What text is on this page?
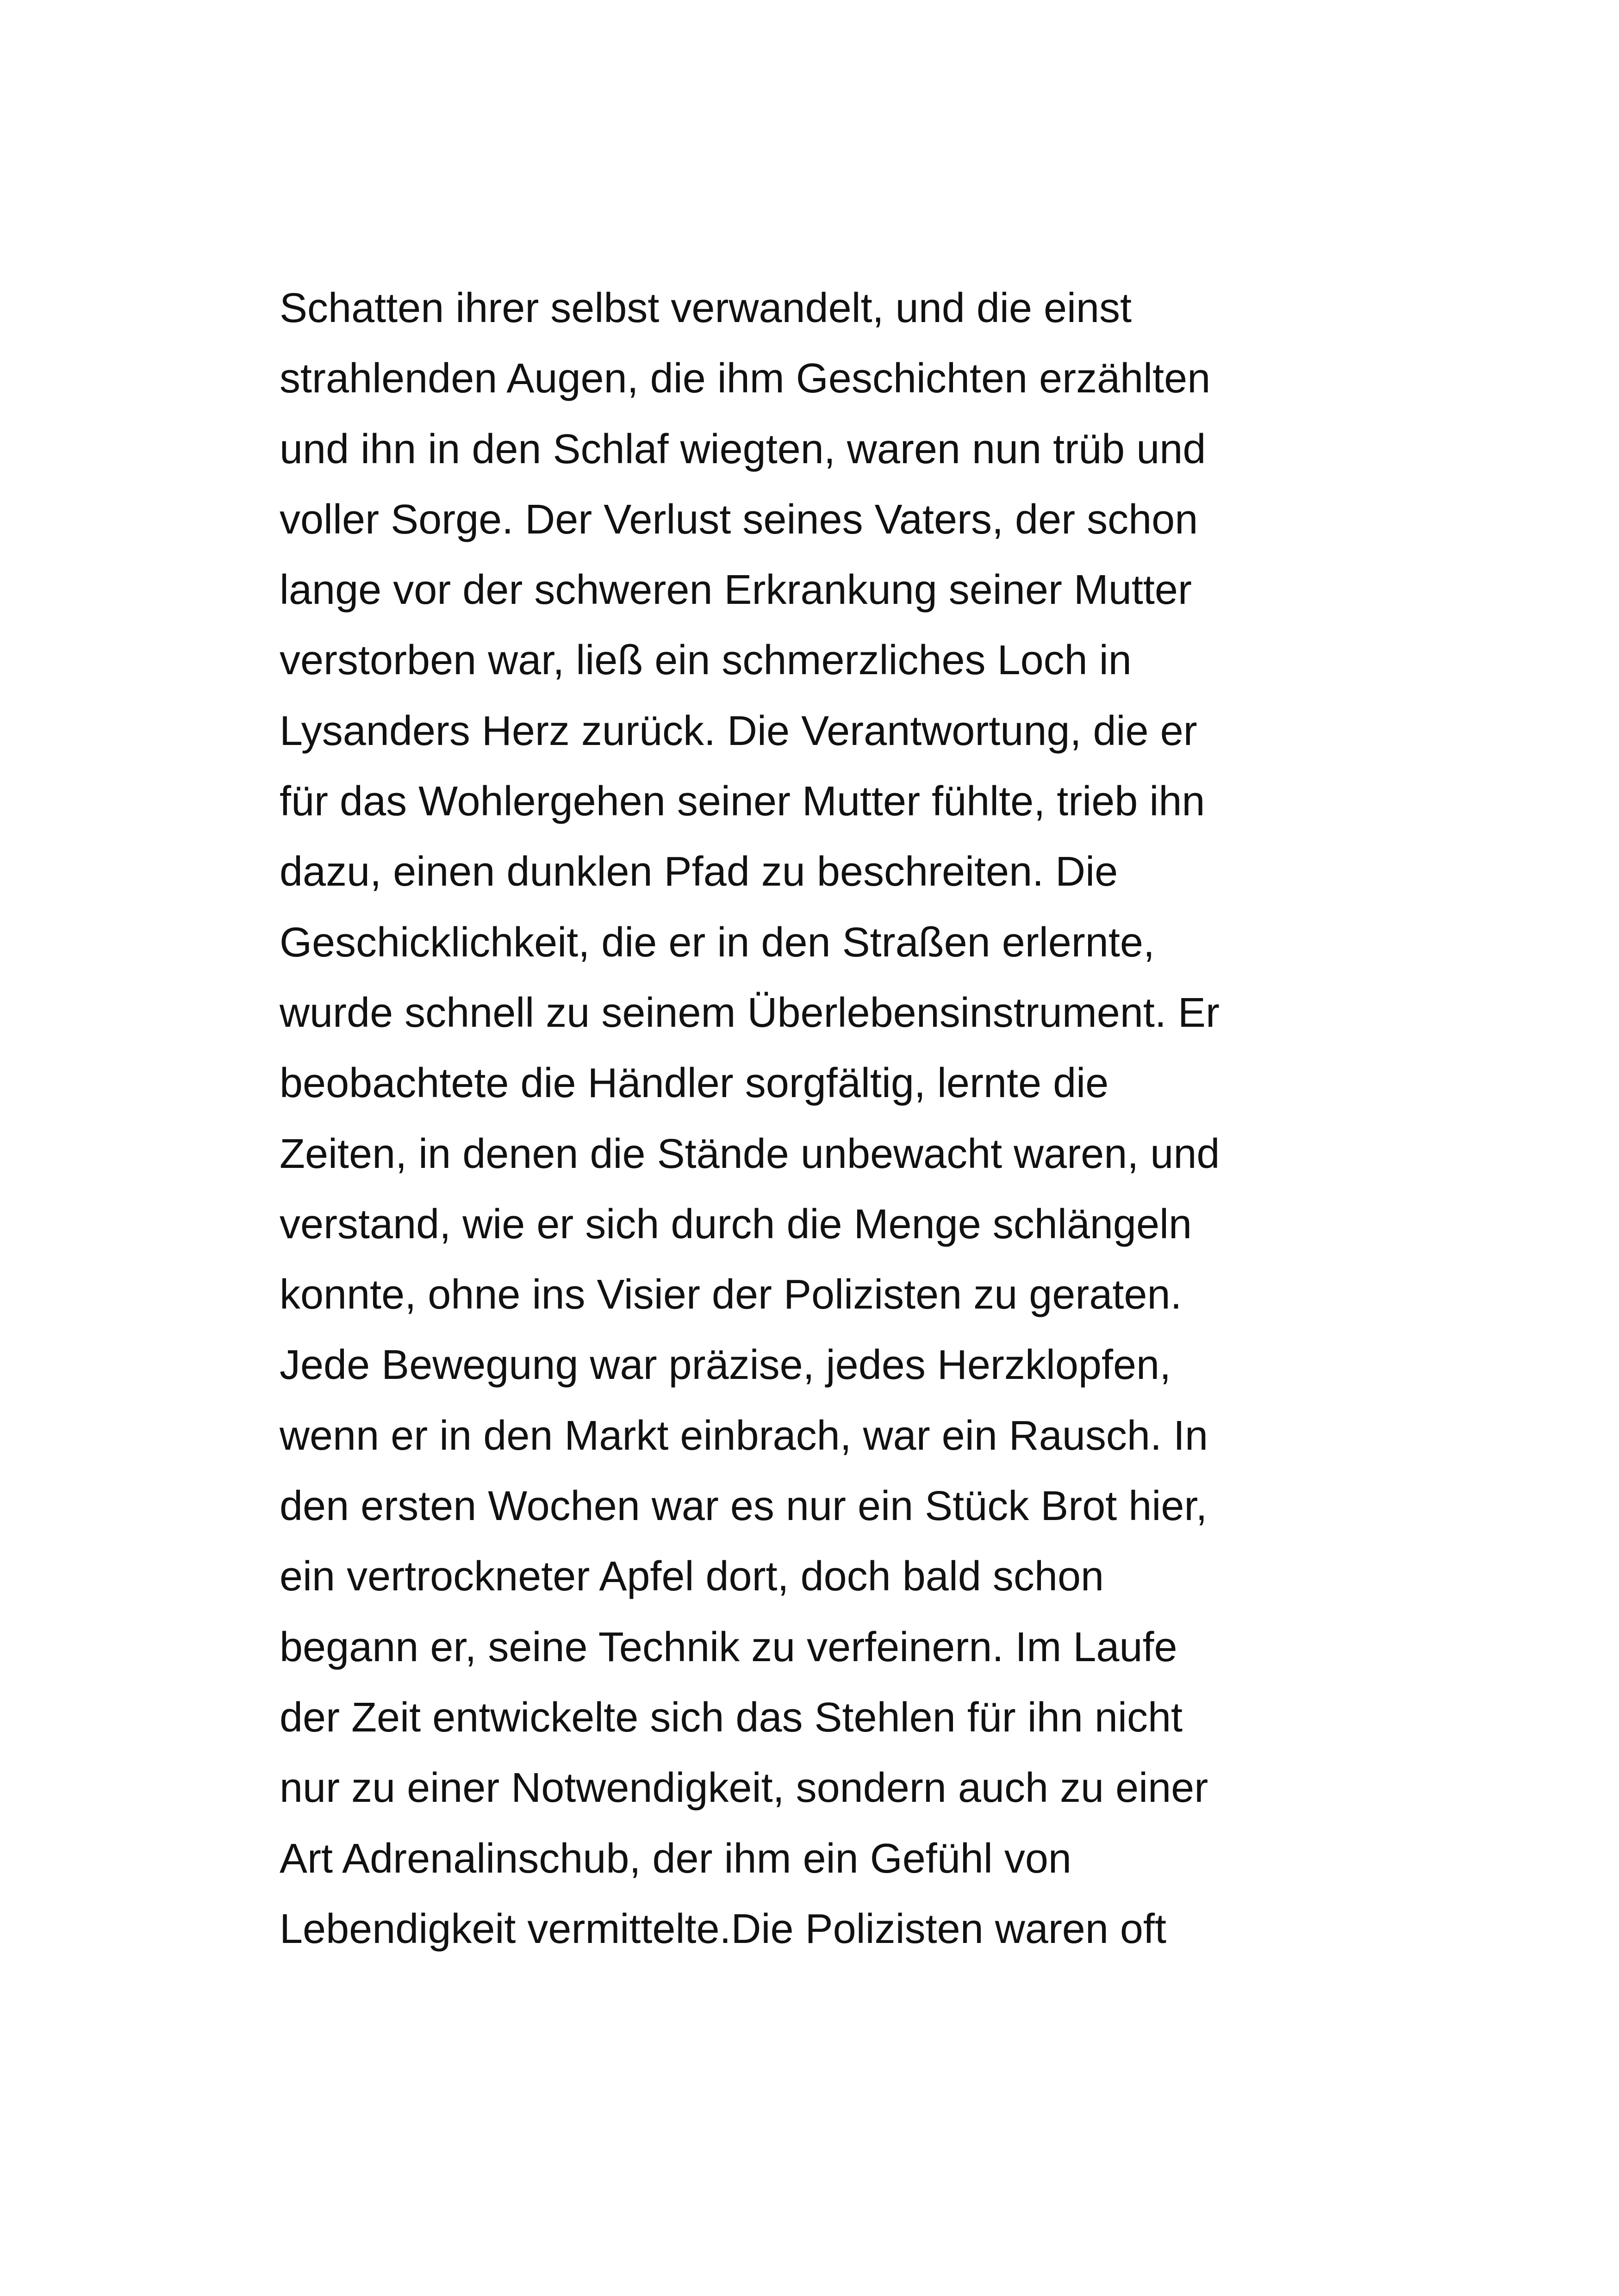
Schatten ihrer selbst verwandelt, und die einst
strahlenden Augen, die ihm Geschichten erzählten
und ihn in den Schlaf wiegten, waren nun trüb und
voller Sorge. Der Verlust seines Vaters, der schon
lange vor der schweren Erkrankung seiner Mutter
verstorben war, ließ ein schmerzliches Loch in
Lysanders Herz zurück. Die Verantwortung, die er
für das Wohlergehen seiner Mutter fühlte, trieb ihn
dazu, einen dunklen Pfad zu beschreiten. Die
Geschicklichkeit, die er in den Straßen erlernte,
wurde schnell zu seinem Überlebensinstrument. Er
beobachtete die Händler sorgfältig, lernte die
Zeiten, in denen die Stände unbewacht waren, und
verstand, wie er sich durch die Menge schlängeln
konnte, ohne ins Visier der Polizisten zu geraten.
Jede Bewegung war präzise, jedes Herzklopfen,
wenn er in den Markt einbrach, war ein Rausch. In
den ersten Wochen war es nur ein Stück Brot hier,
ein vertrockneter Apfel dort, doch bald schon
begann er, seine Technik zu verfeinern. Im Laufe
der Zeit entwickelte sich das Stehlen für ihn nicht
nur zu einer Notwendigkeit, sondern auch zu einer
Art Adrenalinschub, der ihm ein Gefühl von
Lebendigkeit vermittelte.Die Polizisten waren oft
